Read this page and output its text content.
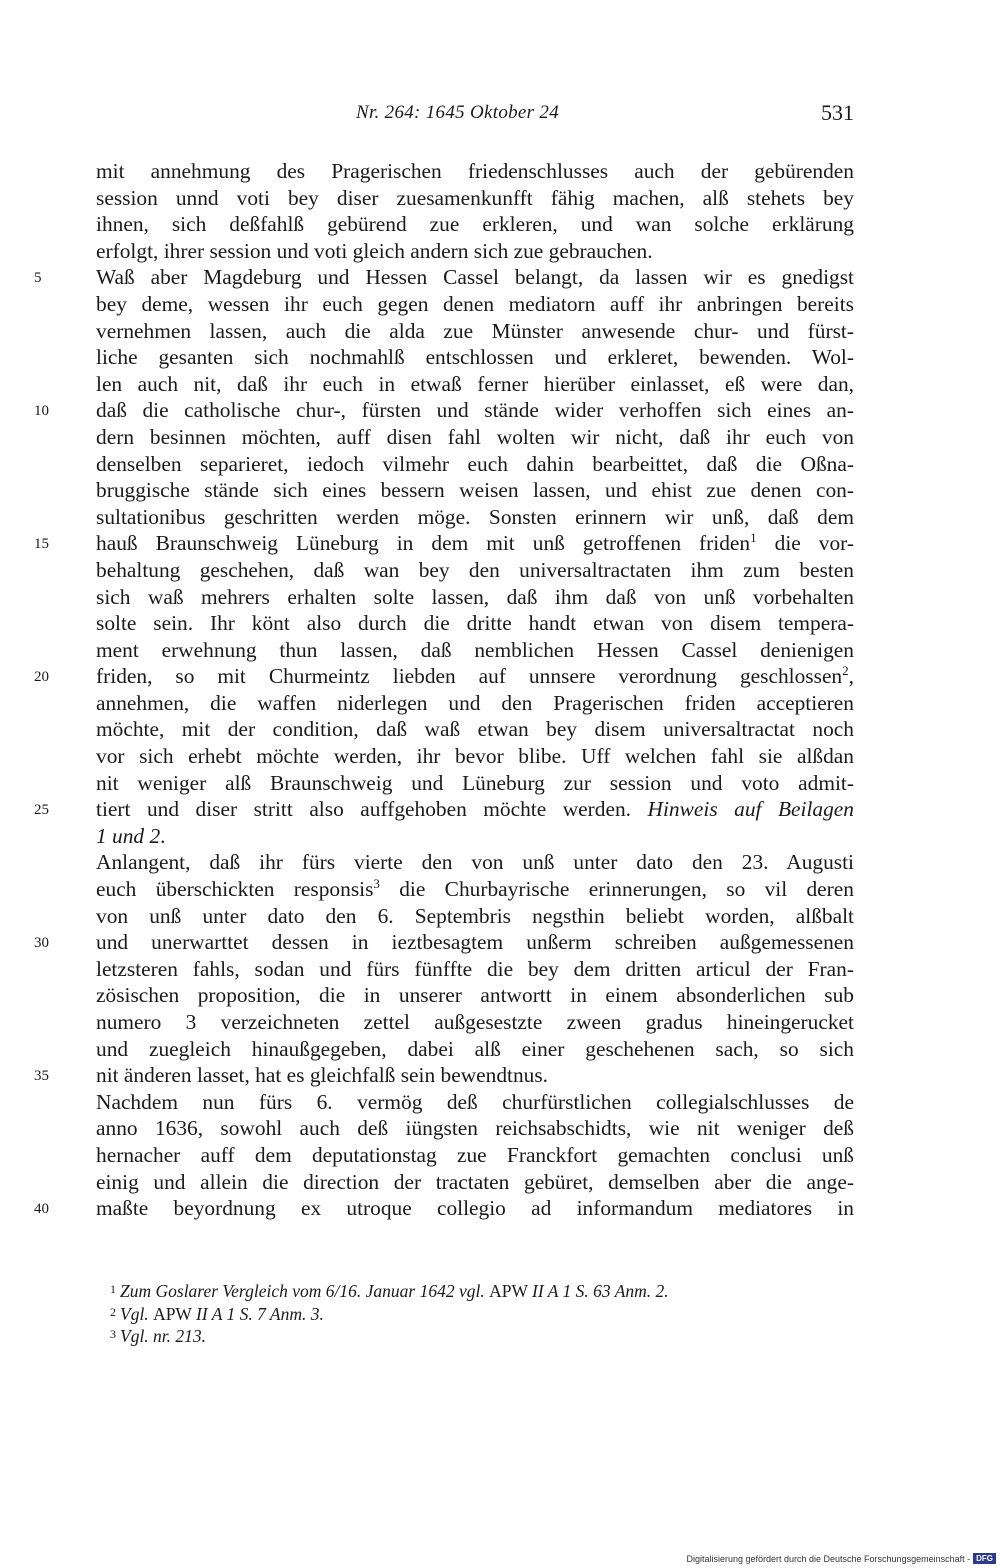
Nr. 264: 1645 Oktober 24	531
mit annehmung des Pragerischen friedenschlusses auch der gebürenden
session unnd voti bey diser zuesamenkunfft fähig machen, alß stehets bey
ihnen, sich deßfahlß gebürend zue erkleren, und wan solche erklärung
erfolgt, ihrer session und voti gleich andern sich zue gebrauchen.
5	Waß aber Magdeburg und Hessen Cassel belangt, da lassen wir es gnedigst
bey deme, wessen ihr euch gegen denen mediatorn auff ihr anbringen bereits
vernehmen lassen, auch die alda zue Münster anwesende chur- und fürst-
liche gesanten sich nochmahlß entschlossen und erkleret, bewenden. Wol-
len auch nit, daß ihr euch in etwaß ferner hierüber einlasset, eß were dan,
10	daß die catholische chur-, fürsten und stände wider verhoffen sich eines an-
dern besinnen möchten, auff disen fahl wolten wir nicht, daß ihr euch von
denselben separieret, iedoch vilmehr euch dahin bearbeittet, daß die Oßna-
bruggische stände sich eines bessern weisen lassen, und ehist zue denen con-
sultationibus geschritten werden möge. Sonsten erinnern wir unß, daß dem
15	hauß Braunschweig Lüneburg in dem mit unß getroffenen friden$^1$ die vor-
behaltung geschehen, daß wan bey den universaltractaten ihm zum besten
sich waß mehrers erhalten solte lassen, daß ihm daß von unß vorbehalten
solte sein. Ihr könt also durch die dritte handt etwan von disem tempera-
ment erwehnung thun lassen, daß nemblichen Hessen Cassel denienigen
20	friden, so mit Churmeintz liebden auf unnsere verordnung geschlossen$^2$,
annehmen, die waffen niderlegen und den Pragerischen friden acceptieren
möchte, mit der condition, daß waß etwan bey disem universaltractat noch
vor sich erhebt möchte werden, ihr bevor blibe. Uff welchen fahl sie alßdan
nit weniger alß Braunschweig und Lüneburg zur session und voto admit-
25	tiert und diser stritt also auffgehoben möchte werden. Hinweis auf Beilagen
1 und 2.
Anlangent, daß ihr fürs vierte den von unß unter dato den 23. Augusti
euch überschickten responsis$^3$ die Churbayrische erinnerungen, so vil deren
von unß unter dato den 6. Septembris negsthin beliebt worden, alßbalt
30	und unerwarttet dessen in ieztbesagtem unßerm schreiben außgemessenen
letzsteren fahls, sodan und fürs fünffte die bey dem dritten articul der Fran-
zösischen proposition, die in unserer antwortt in einem absonderlichen sub
numero 3 verzeichneten zettel außgesestzte zween gradus hineingerucket
und zueglеich hinaußgegeben, dabei alß einer geschehenen sach, so sich
35	nit änderen lasset, hat es gleichfalß sein bewendtnus.
Nachdem nun fürs 6. vermög deß churfürstlichen collegialschlusses de
anno 1636, sowohl auch deß iüngsten reichsabschidts, wie nit weniger deß
hernacher auff dem deputationstag zue Franckfort gemachten conclusi unß
einig und allein die direction der tractaten gebüret, demselben aber die ange-
40	maßte beyordnung ex utroque collegio ad informandum mediatores in
$^1$ Zum Goslarer Vergleich vom 6/16. Januar 1642 vgl. APW II A 1 S. 63 Anm. 2.
$^2$ Vgl. APW II A 1 S. 7 Anm. 3.
$^3$ Vgl. nr. 213.
Digitalisierung gefördert durch die Deutsche Forschungsgemeinschaft - DFG
